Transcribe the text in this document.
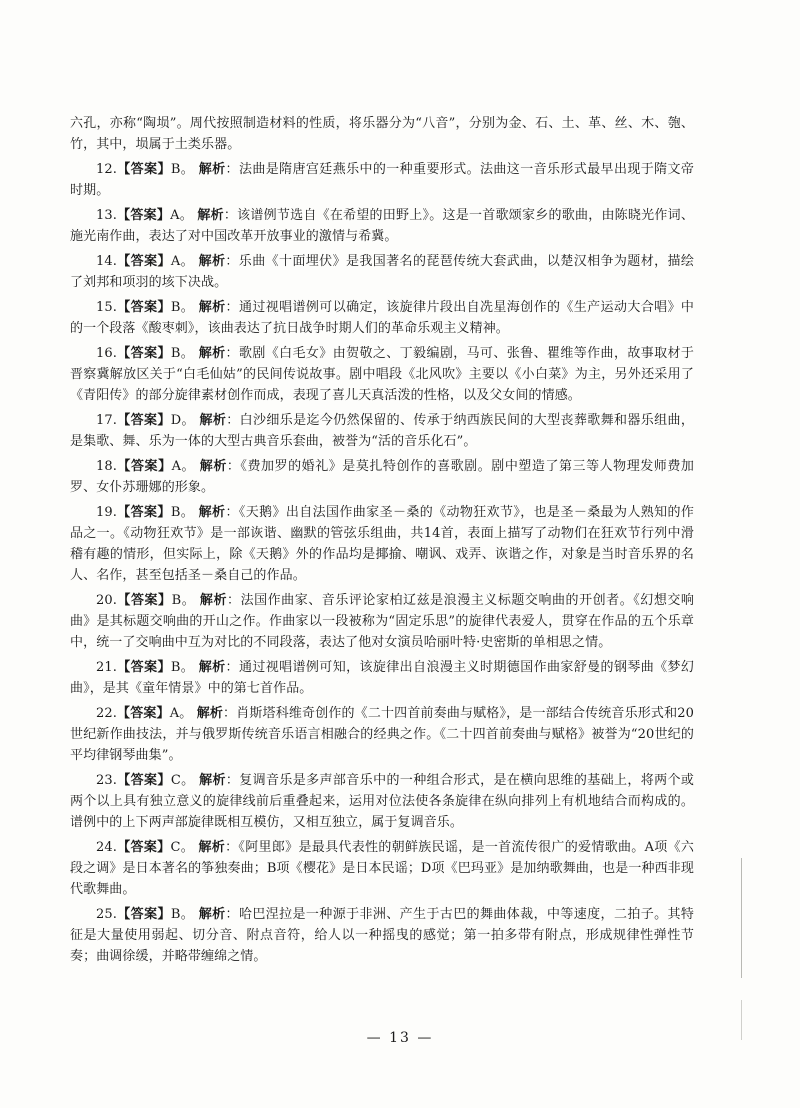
六孔，亦称“陶埙”。周代按照制造材料的性质，将乐器分为“八音”，分别为金、石、土、革、丝、木、匏、竹，其中，埙属于土类乐器。

12.【答案】B。 解析：法曲是隋唐宫廷燕乐中的一种重要形式。法曲这一音乐形式最早出现于隋文帝时期。

13.【答案】A。 解析：该谱例节选自《在希望的田野上》。这是一首歌颂家乡的歌曲，由陈晓光作词、施光南作曲，表达了对中国改革开放事业的激情与希冀。

14.【答案】A。 解析：乐曲《十面埋伏》是我国著名的琵琶传统大套武曲，以楚汉相争为题材，描绘了刘邦和项羽的垓下决战。

15.【答案】B。 解析：通过视唱谱例可以确定，该旋律片段出自冼星海创作的《生产运动大合唱》中的一个段落《酸枣刺》，该曲表达了抗日战争时期人们的革命乐观主义精神。

16.【答案】B。 解析：歌剧《白毛女》由贺敬之、丁毅编剧，马可、张鲁、瞿维等作曲，故事取材于晋察冀解放区关于“白毛仙姑”的民间传说故事。剧中唱段《北风吹》主要以《小白菜》为主，另外还采用了《青阳传》的部分旋律素材创作而成，表现了喜儿天真活泼的性格，以及父女间的情感。

17.【答案】D。 解析：白沙细乐是迄今仍然保留的、传承于纳西族民间的大型丧葬歌舞和器乐组曲，是集歌、舞、乐为一体的大型古典音乐套曲，被誉为“活的音乐化石”。

18.【答案】A。 解析：《费加罗的婚礼》是莫扎特创作的喜歌剧。剧中塑造了第三等人物理发师费加罗、女仆苏珊娜的形象。

19.【答案】B。 解析：《天鹅》出自法国作曲家圣－桑的《动物狂欢节》，也是圣－桑最为人熟知的作品之一。《动物狂欢节》是一部诙谐、幽默的管弦乐组曲，共14首，表面上描写了动物们在狂欢节行列中滑稽有趣的情形，但实际上，除《天鹅》外的作品均是揶揄、嘲讽、戏弄、诙谐之作，对象是当时音乐界的名人、名作，甚至包括圣－桑自己的作品。

20.【答案】B。 解析：法国作曲家、音乐评论家柏辽兹是浪漫主义标题交响曲的开创者。《幻想交响曲》是其标题交响曲的开山之作。作曲家以一段被称为“固定乐思”的旋律代表爱人，贯穿在作品的五个乐章中，统一了交响曲中互为对比的不同段落，表达了他对女演员哈丽叶特·史密斯的单相思之情。

21.【答案】B。 解析：通过视唱谱例可知，该旋律出自浪漫主义时期德国作曲家舒曼的钢琴曲《梦幻曲》，是其《童年情景》中的第七首作品。

22.【答案】A。 解析：肖斯塔科维奇创作的《二十四首前奏曲与赋格》，是一部结合传统音乐形式和20世纪新作曲技法，并与俄罗斯传统音乐语言相融合的经典之作。《二十四首前奏曲与赋格》被誉为“20世纪的平均律钢琴曲集”。

23.【答案】C。 解析：复调音乐是多声部音乐中的一种组合形式，是在横向思维的基础上，将两个或两个以上具有独立意义的旋律线前后重叠起来，运用对位法使各条旋律在纵向排列上有机地结合而构成的。谱例中的上下两声部旋律既相互模仿，又相互独立，属于复调音乐。

24.【答案】C。 解析：《阿里郎》是最具代表性的朝鲜族民谣，是一首流传很广的爱情歌曲。A项《六段之调》是日本著名的筝独奏曲；B项《樱花》是日本民谣；D项《巴玛亚》是加纳歌舞曲，也是一种西非现代歌舞曲。

25.【答案】B。 解析：哈巴涅拉是一种源于非洲、产生于古巴的舞曲体裁，中等速度，二拍子。其特征是大量使用弱起、切分音、附点音符，给人以一种摇曳的感觉；第一拍多带有附点，形成规律性弹性节奏；曲调徐缓，并略带缠绵之情。

— 13 —
